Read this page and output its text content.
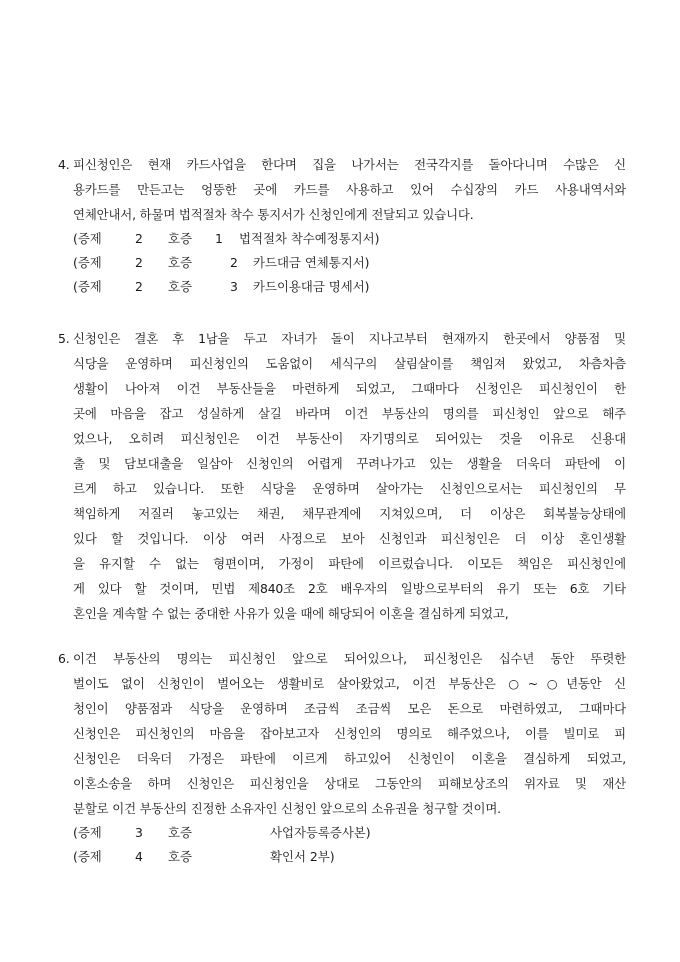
4. 피신청인은 현재 카드사업을 한다며 집을 나가서는 전국각지를 돌아다니며 수많은 신
용카드를 만든고는 엉뚱한 곳에 카드를 사용하고 있어 수십장의 카드 사용내역서와
연체안내서, 하물며 법적절차 착수 통지서가 신청인에게 전달되고 있습니다.
(증제	2 호증 1 법적절차 착수예정통지서)
(증제	2 호증	2 카드대금 연체통지서)
(증제	2 호증	3 카드이용대금 명세서)
5. 신청인은 결혼 후 1남을 두고 자녀가 돌이 지나고부터 현재까지 한곳에서 양품점 및
식당을 운영하며 피신청인의 도움없이 세식구의 살림살이를 책임져 왔었고, 차츰차츰
생활이 나아져 이건 부동산들을 마련하게 되었고, 그때마다 신청인은 피신청인이 한
곳에 마음을 잡고 성실하게 살길 바라며 이건 부동산의 명의를 피신청인 앞으로 해주
었으나, 오히려 피신청인은 이건 부동산이 자기명의로 되어있는 것을 이유로 신용대
출 및 담보대출을 일삼아 신청인의 어렵게 꾸려나가고 있는 생활을 더욱더 파탄에 이
르게 하고 있습니다. 또한 식당을 운영하며 살아가는 신청인으로서는 피신청인의 무
책임하게 저질러 놓고있는 채권, 채무관계에 지쳐있으며, 더 이상은 회복불능상태에
있다 할 것입니다. 이상 여러 사정으로 보아 신청인과 피신청인은 더 이상 혼인생활
을 유지할 수 없는 형편이며, 가정이 파탄에 이르렀습니다. 이모든 책임은 피신청인에
게 있다 할 것이며, 민법 제840조 2호 배우자의 일방으로부터의 유기 또는 6호 기타
혼인을 계속할 수 없는 중대한 사유가 있을 때에 해당되어 이혼을 결심하게 되었고,
6. 이건 부동산의 명의는 피신청인 앞으로 되어있으나, 피신청인은 십수년 동안 뚜렷한
벌이도 없이 신청인이 벌어오는 생활비로 살아왔었고, 이건 부동산은 ○~○년동안 신
청인이 양품점과 식당을 운영하며 조금씩 조금씩 모은 돈으로 마련하였고, 그때마다
신청인은 피신청인의 마음을 잡아보고자 신청인의 명의로 해주었으나, 이를 빌미로 피
신청인은 더욱더 가정은 파탄에 이르게 하고있어 신청인이 이혼을 결심하게 되었고,
이혼소송을 하며 신청인은 피신청인을 상대로 그동안의 피해보상조의 위자료 및 재산
분할로 이건 부동산의 진정한 소유자인 신청인 앞으로의 소유권을 청구할 것이며.
(증제	3 호증	사업자등록증사본)
(증제	4 호증	확인서 2부)
